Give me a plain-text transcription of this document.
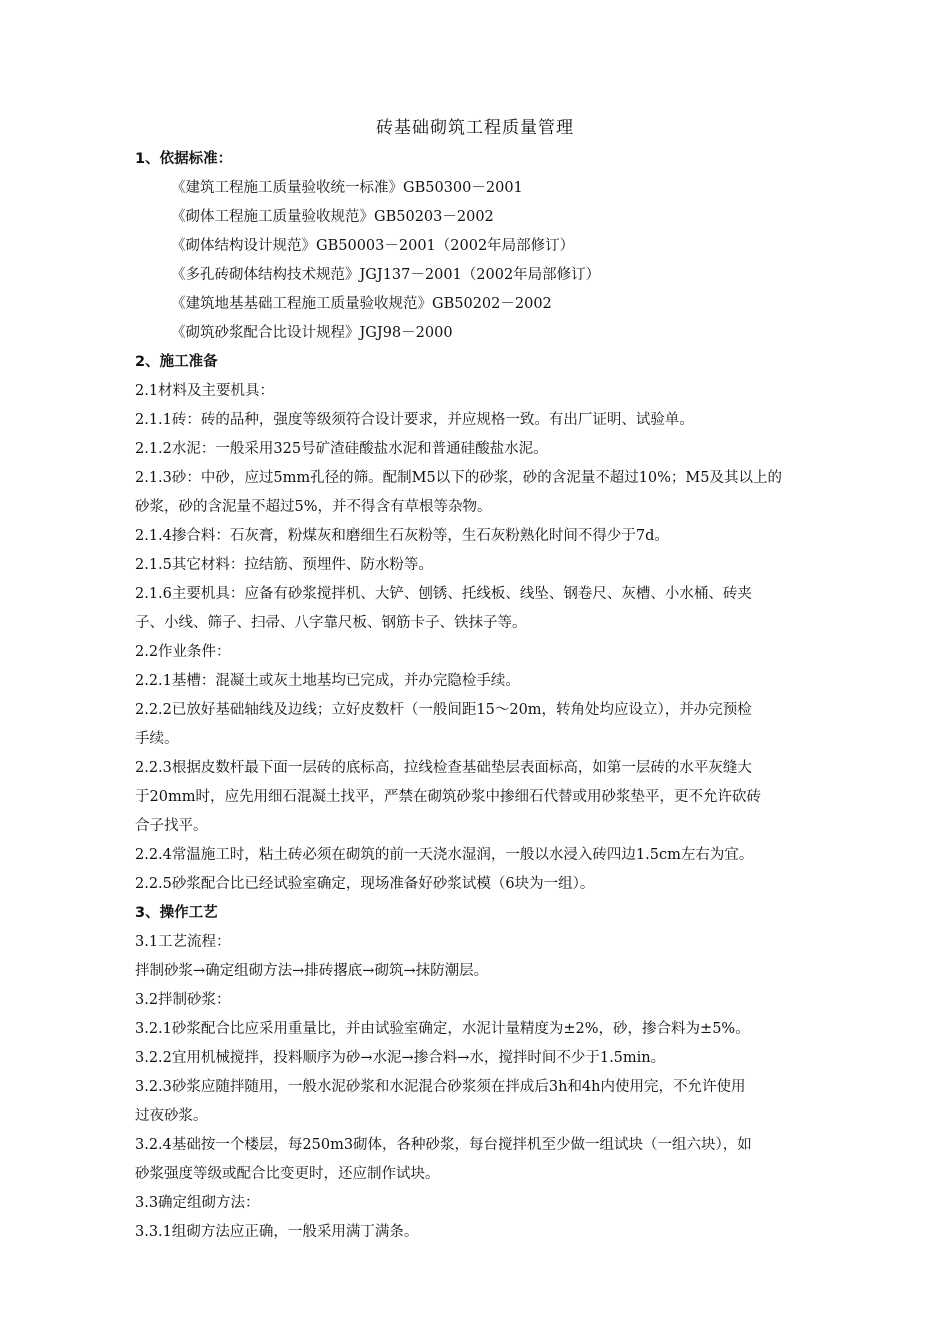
砖基础砌筑工程质量管理
1、依据标准：
《建筑工程施工质量验收统一标准》GB50300－2001
《砌体工程施工质量验收规范》GB50203－2002
《砌体结构设计规范》GB50003－2001（2002年局部修订）
《多孔砖砌体结构技术规范》JGJ137－2001（2002年局部修订）
《建筑地基基础工程施工质量验收规范》GB50202－2002
《砌筑砂浆配合比设计规程》JGJ98－2000
2、施工准备
2.1材料及主要机具：
2.1.1砖：砖的品种，强度等级须符合设计要求，并应规格一致。有出厂证明、试验单。
2.1.2水泥：一般采用325号矿渣硅酸盐水泥和普通硅酸盐水泥。
2.1.3砂：中砂，应过5mm孔径的筛。配制M5以下的砂浆，砂的含泥量不超过10%；M5及其以上的
砂浆，砂的含泥量不超过5%，并不得含有草根等杂物。
2.1.4掺合料：石灰膏，粉煤灰和磨细生石灰粉等，生石灰粉熟化时间不得少于7d。
2.1.5其它材料：拉结筋、预埋件、防水粉等。
2.1.6主要机具：应备有砂浆搅拌机、大铲、刨锈、托线板、线坠、钢卷尺、灰槽、小水桶、砖夹
子、小线、筛子、扫帚、八字靠尺板、钢筋卡子、铁抹子等。
2.2作业条件：
2.2.1基槽：混凝土或灰土地基均已完成，并办完隐检手续。
2.2.2已放好基础轴线及边线；立好皮数杆（一般间距15～20m，转角处均应设立），并办完预检
手续。
2.2.3根据皮数杆最下面一层砖的底标高，拉线检查基础垫层表面标高，如第一层砖的水平灰缝大
于20mm时，应先用细石混凝土找平，严禁在砌筑砂浆中掺细石代替或用砂浆垫平，更不允许砍砖
合子找平。
2.2.4常温施工时，粘土砖必须在砌筑的前一天浇水湿润，一般以水浸入砖四边1.5cm左右为宜。
2.2.5砂浆配合比已经试验室确定，现场准备好砂浆试模（6块为一组）。
3、操作工艺
3.1工艺流程：
拌制砂浆→确定组砌方法→排砖撂底→砌筑→抹防潮层。
3.2拌制砂浆：
3.2.1砂浆配合比应采用重量比，并由试验室确定，水泥计量精度为±2%，砂，掺合料为±5%。
3.2.2宜用机械搅拌，投料顺序为砂→水泥→掺合料→水，搅拌时间不少于1.5min。
3.2.3砂浆应随拌随用，一般水泥砂浆和水泥混合砂浆须在拌成后3h和4h内使用完，不允许使用
过夜砂浆。
3.2.4基础按一个楼层，每250m3砌体，各种砂浆，每台搅拌机至少做一组试块（一组六块），如
砂浆强度等级或配合比变更时，还应制作试块。
3.3确定组砌方法：
3.3.1组砌方法应正确，一般采用满丁满条。
